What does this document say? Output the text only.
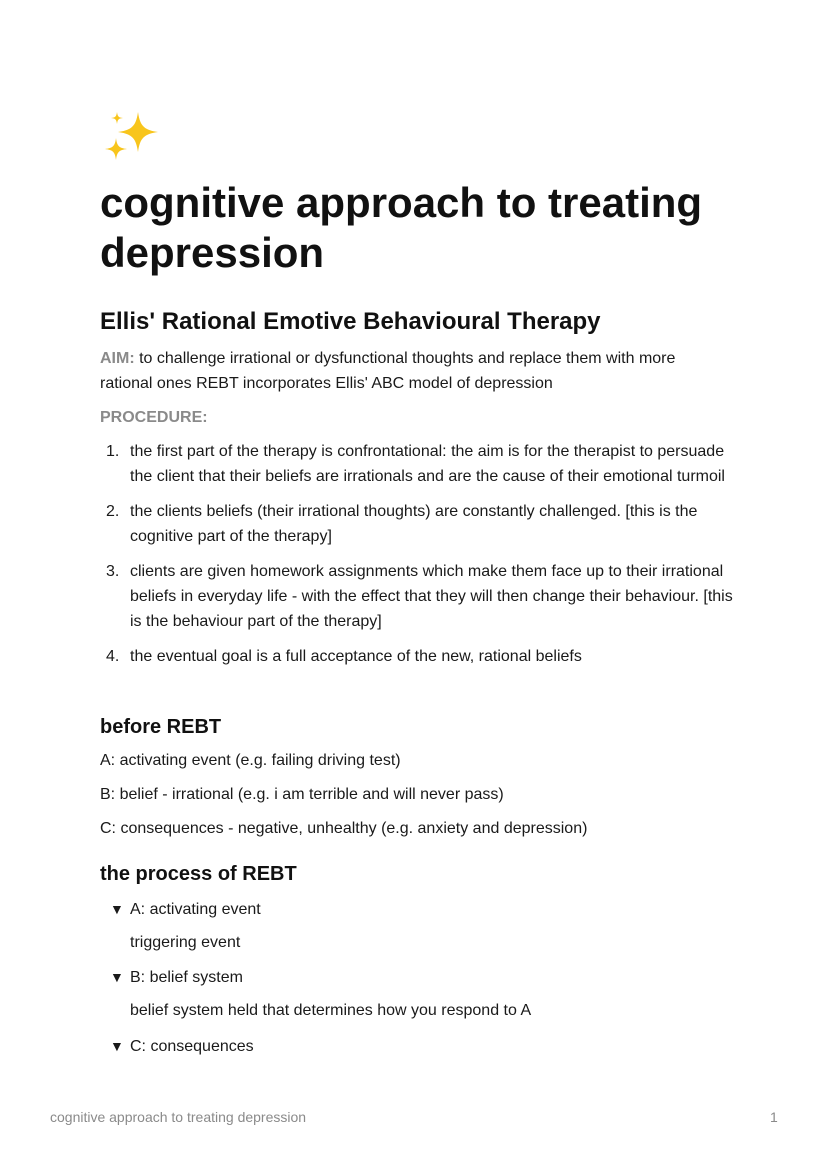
cognitive approach to treating depression
Ellis' Rational Emotive Behavioural Therapy

AIM: to challenge irrational or dysfunctional thoughts and replace them with more rational ones REBT incorporates Ellis' ABC model of depression

PROCEDURE:

1. the first part of the therapy is confrontational: the aim is for the therapist to persuade the client that their beliefs are irrationals and are the cause of their emotional turmoil
2. the clients beliefs (their irrational thoughts) are constantly challenged. [this is the cognitive part of the therapy]
3. clients are given homework assignments which make them face up to their irrational beliefs in everyday life - with the effect that they will then change their behaviour. [this is the behaviour part of the therapy]
4. the eventual goal is a full acceptance of the new, rational beliefs
before REBT
A: activating event (e.g. failing driving test)
B: belief - irrational (e.g. i am terrible and will never pass)
C: consequences - negative, unhealthy (e.g. anxiety and depression)
the process of REBT
▼ A: activating event
triggering event
▼ B: belief system
belief system held that determines how you respond to A
▼ C: consequences
cognitive approach to treating depression	1
